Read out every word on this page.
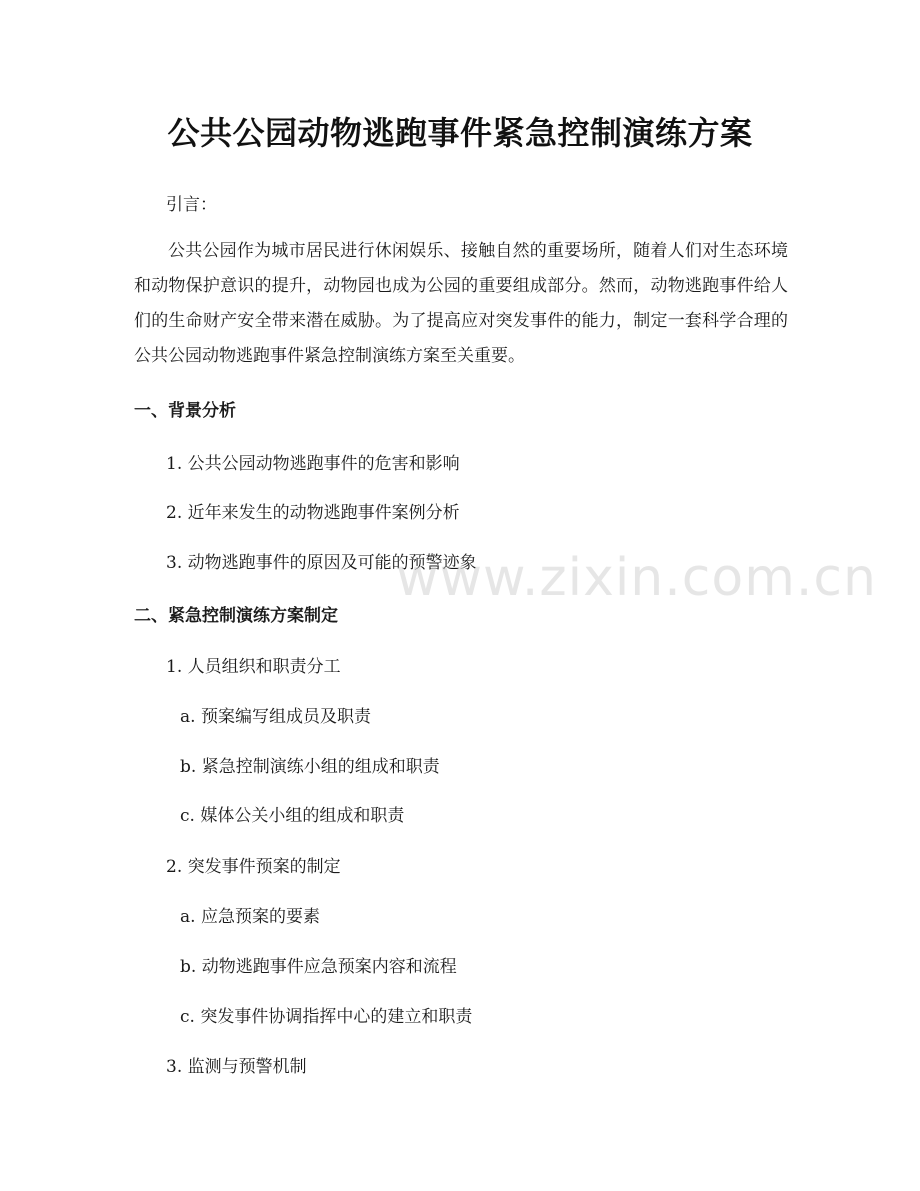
公共公园动物逃跑事件紧急控制演练方案

引言：

公共公园作为城市居民进行休闲娱乐、接触自然的重要场所，随着人们对生态环境和动物保护意识的提升，动物园也成为公园的重要组成部分。然而，动物逃跑事件给人们的生命财产安全带来潜在威胁。为了提高应对突发事件的能力，制定一套科学合理的公共公园动物逃跑事件紧急控制演练方案至关重要。

一、背景分析

1. 公共公园动物逃跑事件的危害和影响

2. 近年来发生的动物逃跑事件案例分析

3. 动物逃跑事件的原因及可能的预警迹象

二、紧急控制演练方案制定

1. 人员组织和职责分工

a. 预案编写组成员及职责

b. 紧急控制演练小组的组成和职责

c. 媒体公关小组的组成和职责

2. 突发事件预案的制定

a. 应急预案的要素

b. 动物逃跑事件应急预案内容和流程

c. 突发事件协调指挥中心的建立和职责

3. 监测与预警机制

www.zixin.com.cn
